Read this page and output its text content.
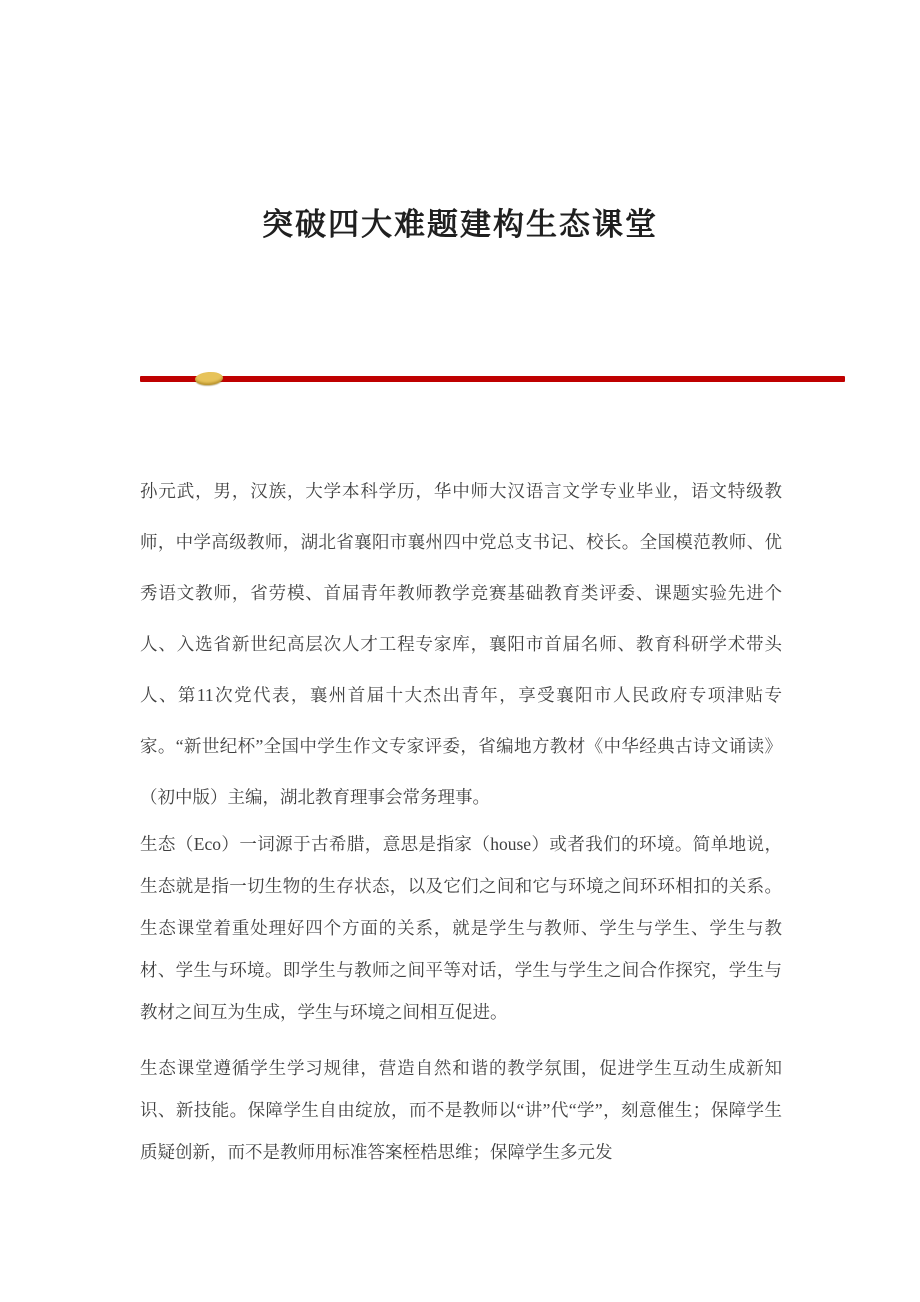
突破四大难题建构生态课堂

孙元武，男，汉族，大学本科学历，华中师大汉语言文学专业毕业，语文特级教师，中学高级教师，湖北省襄阳市襄州四中党总支书记、校长。全国模范教师、优秀语文教师，省劳模、首届青年教师教学竞赛基础教育类评委、课题实验先进个人、入选省新世纪高层次人才工程专家库，襄阳市首届名师、教育科研学术带头人、第11次党代表，襄州首届十大杰出青年，享受襄阳市人民政府专项津贴专家。“新世纪杯”全国中学生作文专家评委，省编地方教材《中华经典古诗文诵读》（初中版）主编，湖北教育理事会常务理事。

生态（Eco）一词源于古希腊，意思是指家（house）或者我们的环境。简单地说，生态就是指一切生物的生存状态，以及它们之间和它与环境之间环环相扣的关系。生态课堂着重处理好四个方面的关系，就是学生与教师、学生与学生、学生与教材、学生与环境。即学生与教师之间平等对话，学生与学生之间合作探究，学生与教材之间互为生成，学生与环境之间相互促进。

生态课堂遵循学生学习规律，营造自然和谐的教学氛围，促进学生互动生成新知识、新技能。保障学生自由绽放，而不是教师以“讲”代“学”，刻意催生；保障学生质疑创新，而不是教师用标准答案桎梏思维；保障学生多元发
